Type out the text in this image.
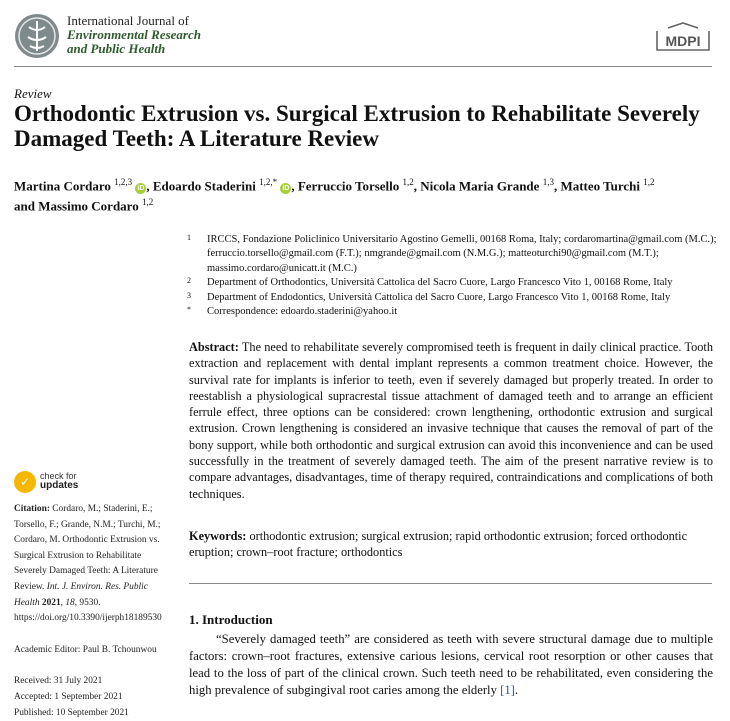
International Journal of
Environmental Research
and Public Health	MDPI
Review
Orthodontic Extrusion vs. Surgical Extrusion to Rehabilitate Severely Damaged Teeth: A Literature Review
Martina Cordaro $^{1,2,3}$ iD , Edoardo Staderini $^{1,2,*}$ iD , Ferruccio Torsello $^{1,2}$, Nicola Maria Grande $^{1,3}$, Matteo Turchi $^{1,2}$
and Massimo Cordaro $^{1,2}$
1 IRCCS, Fondazione Policlinico Universitario Agostino Gemelli, 00168 Roma, Italy; cordaromartina@gmail.com (M.C.); ferruccio.torsello@gmail.com (F.T.); nmgrande@gmail.com (N.M.G.); matteoturchi90@gmail.com (M.T.); massimo.cordaro@unicatt.it (M.C.)
2 Department of Orthodontics, Università Cattolica del Sacro Cuore, Largo Francesco Vito 1, 00168 Rome, Italy
3 Department of Endodontics, Università Cattolica del Sacro Cuore, Largo Francesco Vito 1, 00168 Rome, Italy
* Correspondence: edoardo.staderini@yahoo.it
Abstract: The need to rehabilitate severely compromised teeth is frequent in daily clinical practice. Tooth extraction and replacement with dental implant represents a common treatment choice. However, the survival rate for implants is inferior to teeth, even if severely damaged but properly treated. In order to reestablish a physiological supracrestal tissue attachment of damaged teeth and to arrange an efficient ferrule effect, three options can be considered: crown lengthening, orthodontic extrusion and surgical extrusion. Crown lengthening is considered an invasive technique that causes the removal of part of the bony support, while both orthodontic and surgical extrusion can avoid this inconvenience and can be used successfully in the treatment of severely damaged teeth. The aim of the present narrative review is to compare advantages, disadvantages, time of therapy required, contraindications and complications of both techniques.
Keywords: orthodontic extrusion; surgical extrusion; rapid orthodontic extrusion; forced orthodontic eruption; crown–root fracture; orthodontics
1. Introduction
“Severely damaged teeth” are considered as teeth with severe structural damage due to multiple factors: crown–root fractures, extensive carious lesions, cervical root resorption or other causes that lead to the loss of part of the clinical crown. Such teeth need to be rehabilitated, even considering the high prevalence of subgingival root caries among the elderly [1].
✓	check for
updates
Citation: Cordaro, M.; Staderini, E.; Torsello, F.; Grande, N.M.; Turchi, M.; Cordaro, M. Orthodontic Extrusion vs. Surgical Extrusion to Rehabilitate Severely Damaged Teeth: A Literature Review. Int. J. Environ. Res. Public Health 2021, 18, 9530. https://doi.org/10.3390/ijerph18189530
Academic Editor: Paul B. Tchounwou
Received: 31 July 2021
Accepted: 1 September 2021
Published: 10 September 2021
